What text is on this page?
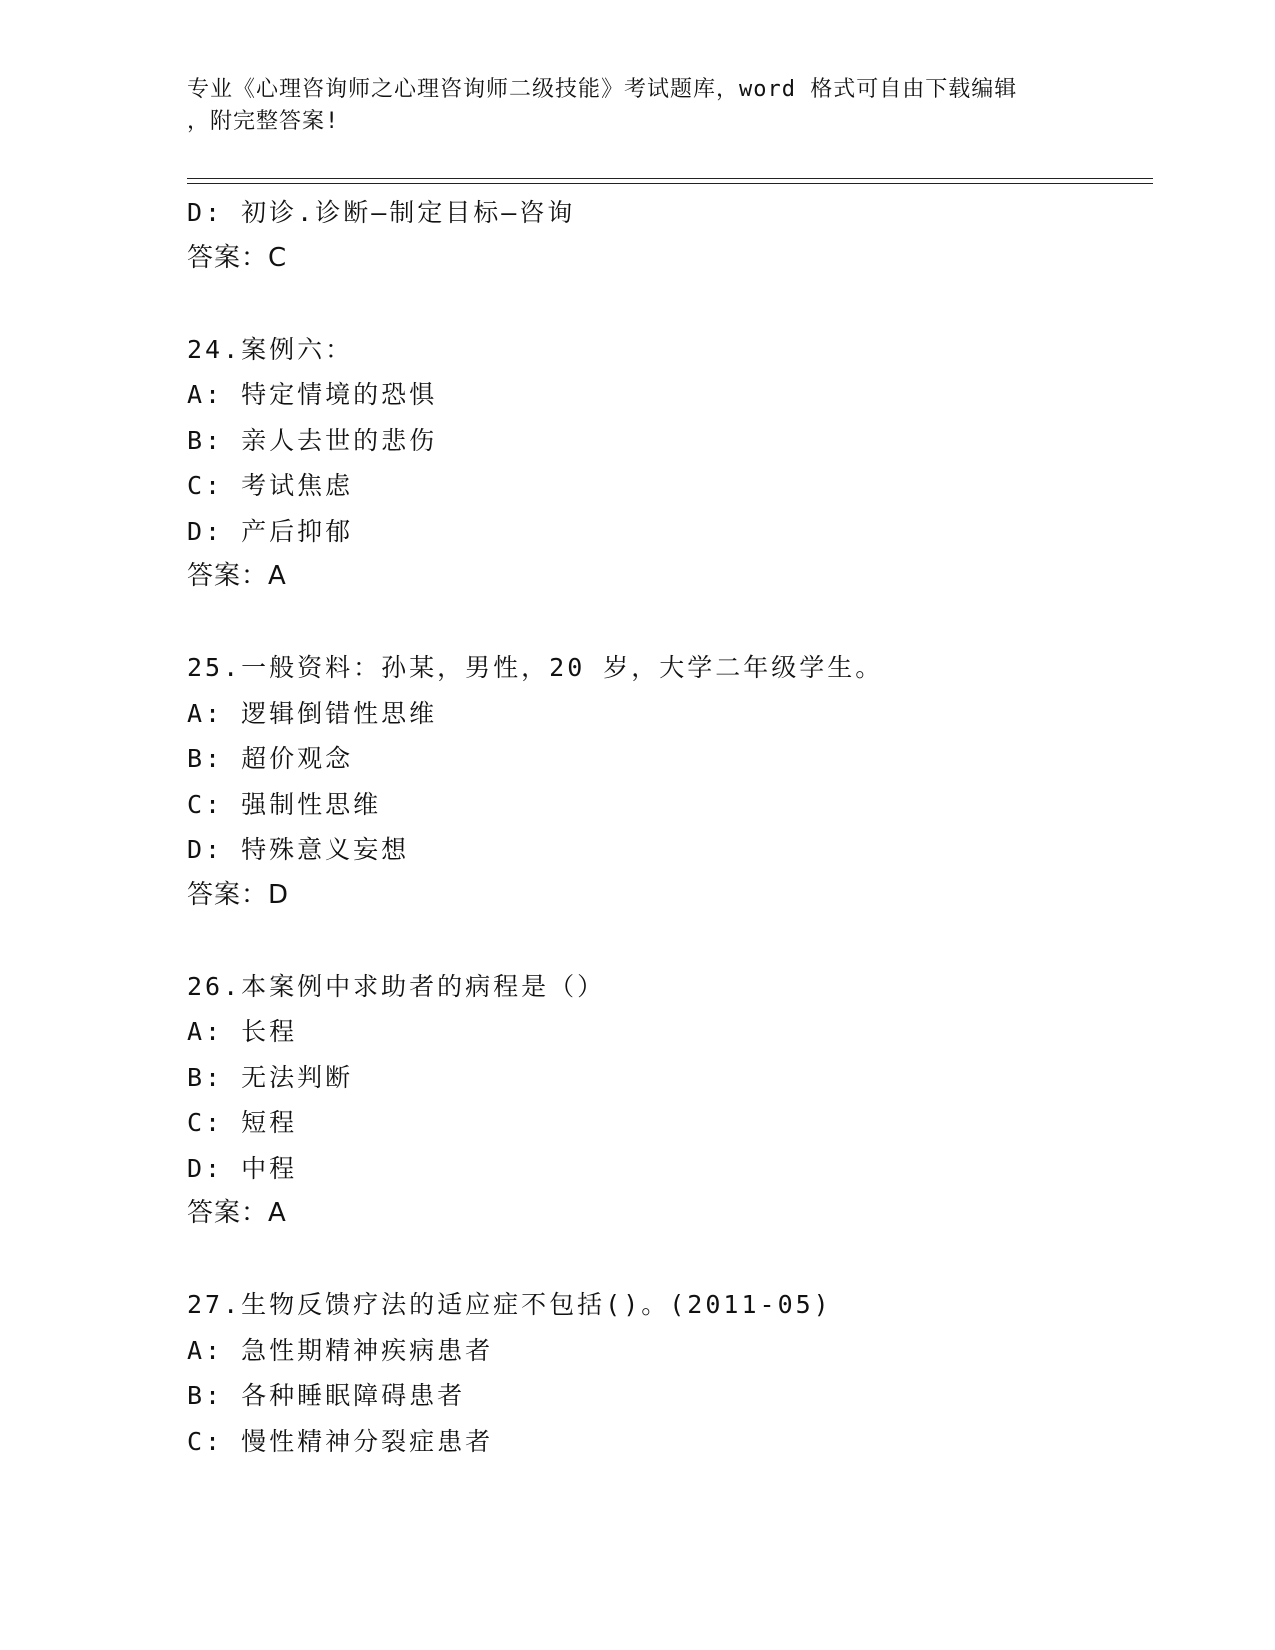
专业《心理咨询师之心理咨询师二级技能》考试题库，word 格式可自由下载编辑
，附完整答案!
D: 初诊.诊断—制定目标—咨询
答案：C
24.案例六：
A: 特定情境的恐惧
B: 亲人去世的悲伤
C: 考试焦虑
D: 产后抑郁
答案：A
25.一般资料：孙某，男性，20 岁，大学二年级学生。
A: 逻辑倒错性思维
B: 超价观念
C: 强制性思维
D: 特殊意义妄想
答案：D
26.本案例中求助者的病程是（）
A: 长程
B: 无法判断
C: 短程
D: 中程
答案：A
27.生物反馈疗法的适应症不包括()。(2011-05)
A: 急性期精神疾病患者
B: 各种睡眠障碍患者
C: 慢性精神分裂症患者
